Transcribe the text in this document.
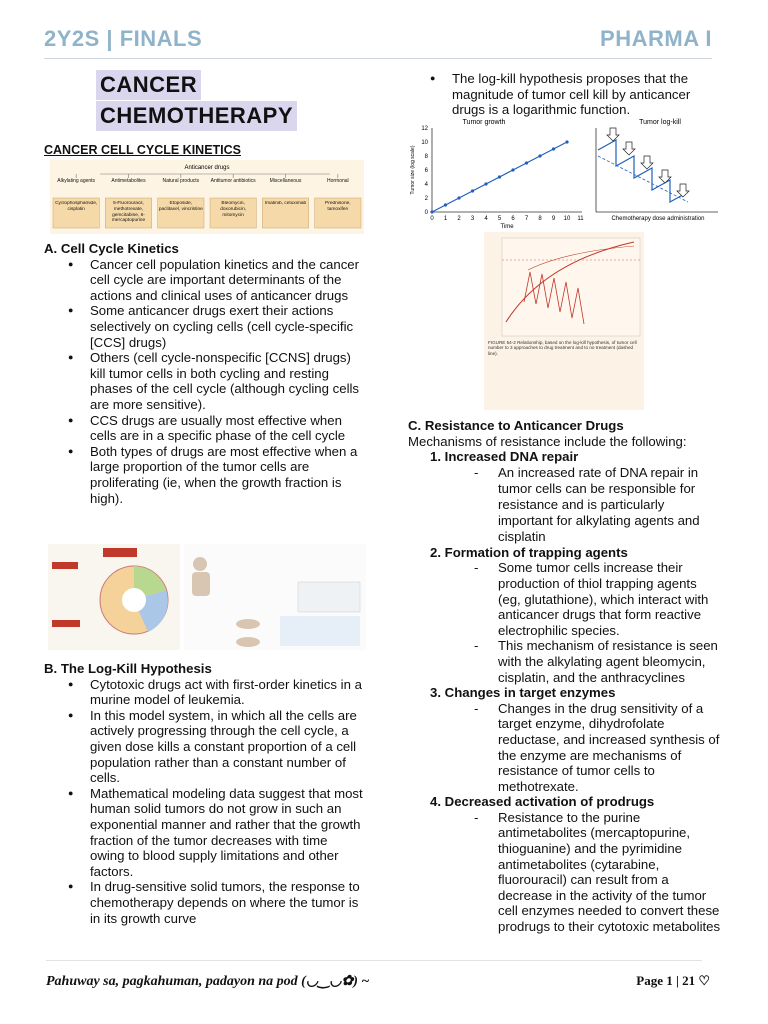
2Y2S | FINALS	PHARMA I
CANCER
CHEMOTHERAPY
CANCER CELL CYCLE KINETICS
Anticancer drugs
Alkylating agents
Cyclophosphamide, cisplatin
Antimetabolites
5-Fluorouracil, methotrexate, gemcitabine, 6-mercaptopurine
Natural products
Etoposide, paclitaxel, vincristine
Antitumor antibiotics
Bleomycin, doxorubicin, mitomycin
Miscellaneous
Imatinib, cetuximab
Hormonal
Prednisone, tamoxifen
A. Cell Cycle Kinetics
● Cancer cell population kinetics and the cancer cell cycle are important determinants of the actions and clinical uses of anticancer drugs
● Some anticancer drugs exert their actions selectively on cycling cells (cell cycle-specific [CCS] drugs)
● Others (cell cycle-nonspecific [CCNS] drugs) kill tumor cells in both cycling and resting phases of the cell cycle (although cycling cells are more sensitive).
● CCS drugs are usually most effective when cells are in a specific phase of the cell cycle
● Both types of drugs are most effective when a large proportion of the tumor cells are proliferating (ie, when the growth fraction is high).
B. The Log-Kill Hypothesis
● Cytotoxic drugs act with first-order kinetics in a murine model of leukemia.
● In this model system, in which all the cells are actively progressing through the cell cycle, a given dose kills a constant proportion of a cell population rather than a constant number of cells.
● Mathematical modeling data suggest that most human solid tumors do not grow in such an exponential manner and rather that the growth fraction of the tumor decreases with time owing to blood supply limitations and other factors.
● In drug-sensitive solid tumors, the response to chemotherapy depends on where the tumor is in its growth curve
● The log-kill hypothesis proposes that the magnitude of tumor cell kill by anticancer drugs is a logarithmic function.
Tumor growth	Tumor log-kill
0
2
4
6
8
10
12
0 1 2 3 4 5 6 7 8 9 10 11
Time
Tumor size (log scale)
Chemotherapy dose administration
FIGURE 54-2 Relationship, based on the log-kill hypothesis, of tumor cell number to 3 approaches to drug treatment and to no treatment (dashed line).
C. Resistance to Anticancer Drugs
Mechanisms of resistance include the following:
1. Increased DNA repair
- An increased rate of DNA repair in tumor cells can be responsible for resistance and is particularly important for alkylating agents and cisplatin
2. Formation of trapping agents
- Some tumor cells increase their production of thiol trapping agents (eg, glutathione), which interact with anticancer drugs that form reactive electrophilic species.
- This mechanism of resistance is seen with the alkylating agent bleomycin, cisplatin, and the anthracyclines
3. Changes in target enzymes
- Changes in the drug sensitivity of a target enzyme, dihydrofolate reductase, and increased synthesis of the enzyme are mechanisms of resistance of tumor cells to methotrexate.
4. Decreased activation of prodrugs
- Resistance to the purine antimetabolites (mercaptopurine, thioguanine) and the pyrimidine antimetabolites (cytarabine, fluorouracil) can result from a decrease in the activity of the tumor cell enzymes needed to convert these prodrugs to their cytotoxic metabolites
Pahuway sa, pagkahuman, padayon na pod (◡‿◡✿) ~	Page 1 | 21 ♡
